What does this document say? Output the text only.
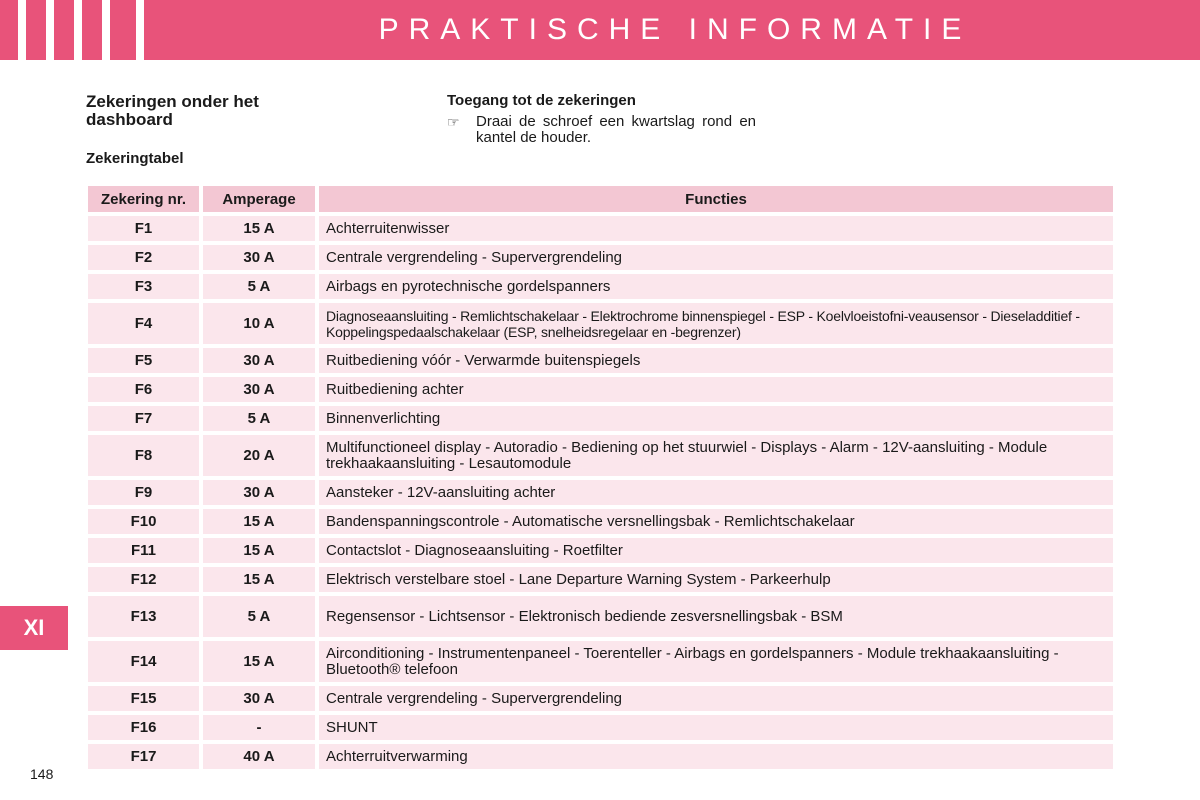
PRAKTISCHE INFORMATIE
XI
Zekeringen onder het dashboard
Zekeringtabel
Toegang tot de zekeringen
☞ Draai de schroef een kwartslag rond en kantel de houder.
Zekering nr.	Amperage	Functies
F1	15 A	Achterruitenwisser
F2	30 A	Centrale vergrendeling - Supervergrendeling
F3	5 A	Airbags en pyrotechnische gordelspanners
F4	10 A	Diagnoseaansluiting - Remlichtschakelaar - Elektrochrome binnenspiegel - ESP - Koelvloeistofni-veausensor - Dieseladditief - Koppelingspedaalschakelaar (ESP, snelheidsregelaar en -begrenzer)
F5	30 A	Ruitbediening vóór - Verwarmde buitenspiegels
F6	30 A	Ruitbediening achter
F7	5 A	Binnenverlichting
F8	20 A	Multifunctioneel display - Autoradio - Bediening op het stuurwiel - Displays - Alarm - 12V-aansluiting - Module trekhaakaansluiting - Lesautomodule
F9	30 A	Aansteker - 12V-aansluiting achter
F10	15 A	Bandenspanningscontrole - Automatische versnellingsbak - Remlichtschakelaar
F11	15 A	Contactslot - Diagnoseaansluiting - Roetfilter
F12	15 A	Elektrisch verstelbare stoel - Lane Departure Warning System - Parkeerhulp
F13	5 A	Regensensor - Lichtsensor - Elektronisch bediende zesversnellingsbak - BSM
F14	15 A	Airconditioning - Instrumentenpaneel - Toerenteller - Airbags en gordelspanners - Module trekhaakaansluiting - Bluetooth® telefoon
F15	30 A	Centrale vergrendeling - Supervergrendeling
F16	-	SHUNT
F17	40 A	Achterruitverwarming
148
